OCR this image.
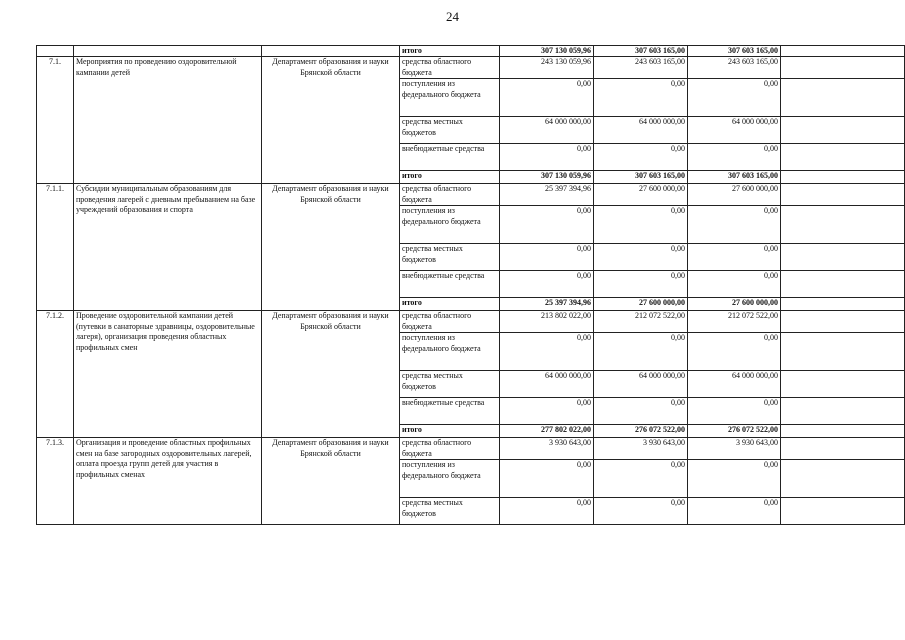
24
			итого	307 130 059,96	307 603 165,00	307 603 165,00	
7.1.	Мероприятия по проведению оздоровительной кампании детей	Департамент образования и науки Брянской области	средства областного бюджета	243 130 059,96	243 603 165,00	243 603 165,00	
			поступления из федерального бюджета	0,00	0,00	0,00	
			средства местных бюджетов	64 000 000,00	64 000 000,00	64 000 000,00	
			внебюджетные средства	0,00	0,00	0,00	
			итого	307 130 059,96	307 603 165,00	307 603 165,00	
7.1.1.	Субсидии муниципальным образованиям для проведения лагерей с дневным пребыванием на базе учреждений образования и спорта	Департамент образования и науки Брянской области	средства областного бюджета	25 397 394,96	27 600 000,00	27 600 000,00	
			поступления из федерального бюджета	0,00	0,00	0,00	
			средства местных бюджетов	0,00	0,00	0,00	
			внебюджетные средства	0,00	0,00	0,00	
			итого	25 397 394,96	27 600 000,00	27 600 000,00	
7.1.2.	Проведение оздоровительной кампании детей (путевки в санаторные здравницы, оздоровительные лагеря), организация проведения областных профильных смен	Департамент образования и науки Брянской области	средства областного бюджета	213 802 022,00	212 072 522,00	212 072 522,00	
			поступления из федерального бюджета	0,00	0,00	0,00	
			средства местных бюджетов	64 000 000,00	64 000 000,00	64 000 000,00	
			внебюджетные средства	0,00	0,00	0,00	
			итого	277 802 022,00	276 072 522,00	276 072 522,00	
7.1.3.	Организация и проведение областных профильных смен на базе загородных оздоровительных лагерей, оплата проезда групп детей для участия в профильных сменах	Департамент образования и науки Брянской области	средства областного бюджета	3 930 643,00	3 930 643,00	3 930 643,00	
			поступления из федерального бюджета	0,00	0,00	0,00	
			средства местных бюджетов	0,00	0,00	0,00	
